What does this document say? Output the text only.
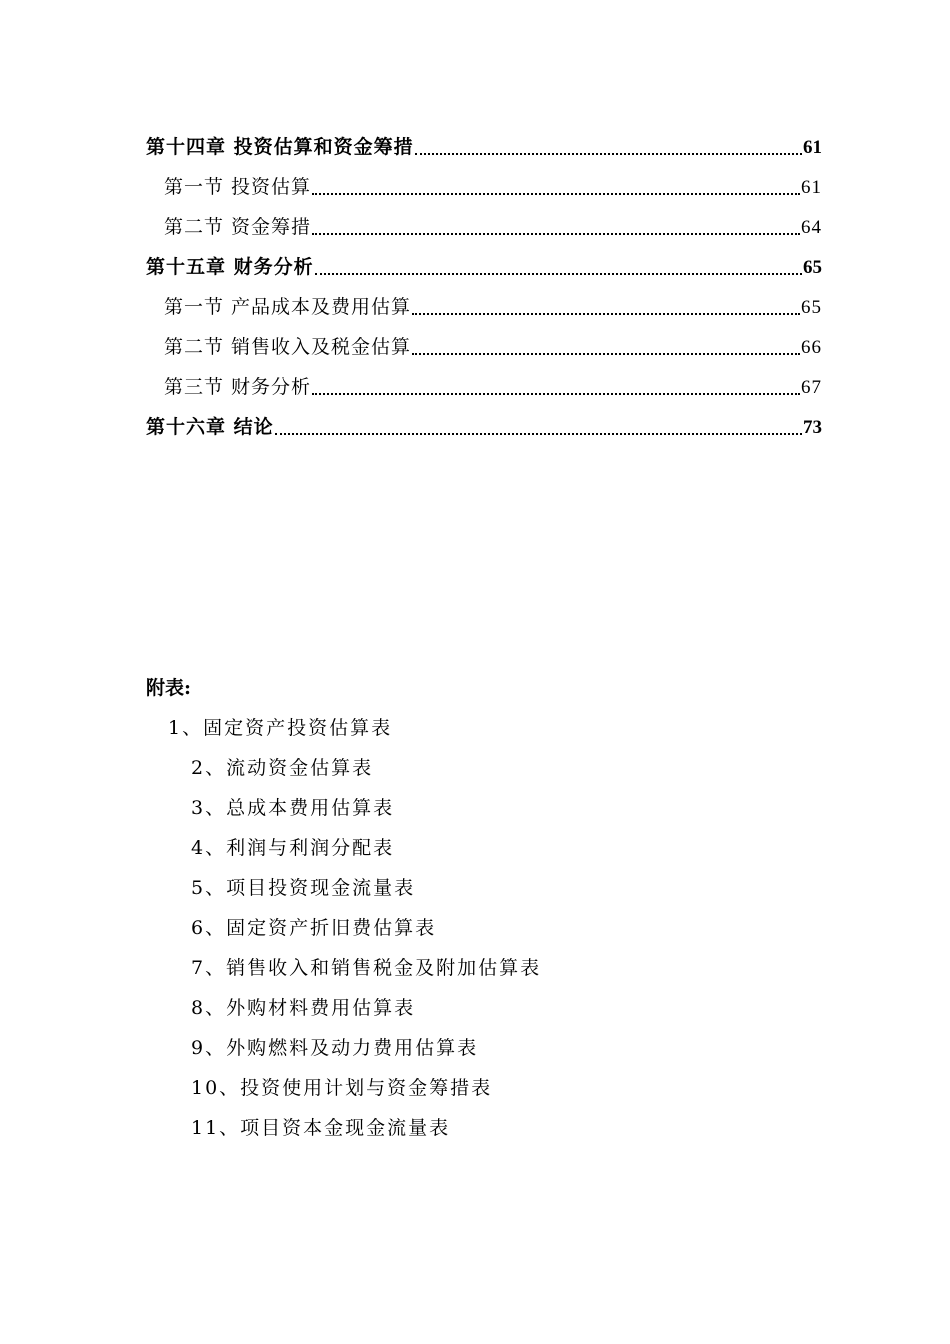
第十四章 投资估算和资金筹措	61
第一节 投资估算	61
第二节 资金筹措	64
第十五章 财务分析	65
第一节 产品成本及费用估算	65
第二节 销售收入及税金估算	66
第三节 财务分析	67
第十六章 结论	73
附表:
1、固定资产投资估算表
2、流动资金估算表
3、总成本费用估算表
4、利润与利润分配表
5、项目投资现金流量表
6、固定资产折旧费估算表
7、销售收入和销售税金及附加估算表
8、外购材料费用估算表
9、外购燃料及动力费用估算表
10、投资使用计划与资金筹措表
11、项目资本金现金流量表
